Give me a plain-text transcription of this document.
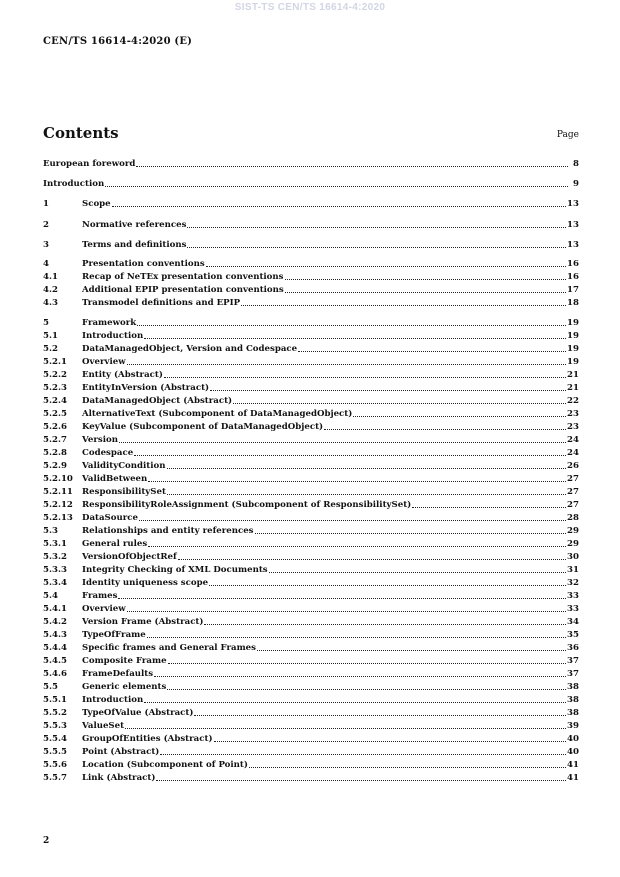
SIST-TS CEN/TS 16614-4:2020
CEN/TS 16614-4:2020 (E)
Contents	Page
European foreword	8
Introduction	9
1	Scope	13
2	Normative references	13
3	Terms and definitions	13
4	Presentation conventions	16
4.1	Recap of NeTEx presentation conventions	16
4.2	Additional EPIP presentation conventions	17
4.3	Transmodel definitions and EPIP	18
5	Framework	19
5.1	Introduction	19
5.2	DataManagedObject, Version and Codespace	19
5.2.1	Overview	19
5.2.2	Entity (Abstract)	21
5.2.3	EntityInVersion (Abstract)	21
5.2.4	DataManagedObject (Abstract)	22
5.2.5	AlternativeText (Subcomponent of DataManagedObject)	23
5.2.6	KeyValue (Subcomponent of DataManagedObject)	23
5.2.7	Version	24
5.2.8	Codespace	24
5.2.9	ValidityCondition	26
5.2.10	ValidBetween	27
5.2.11	ResponsibilitySet	27
5.2.12	ResponsibilityRoleAssignment (Subcomponent of ResponsibilitySet)	27
5.2.13	DataSource	28
5.3	Relationships and entity references	29
5.3.1	General rules	29
5.3.2	VersionOfObjectRef	30
5.3.3	Integrity Checking of XML Documents	31
5.3.4	Identity uniqueness scope	32
5.4	Frames	33
5.4.1	Overview	33
5.4.2	Version Frame (Abstract)	34
5.4.3	TypeOfFrame	35
5.4.4	Specific frames and General Frames	36
5.4.5	Composite Frame	37
5.4.6	FrameDefaults	37
5.5	Generic elements	38
5.5.1	Introduction	38
5.5.2	TypeOfValue (Abstract)	38
5.5.3	ValueSet	39
5.5.4	GroupOfEntities (Abstract)	40
5.5.5	Point (Abstract)	40
5.5.6	Location (Subcomponent of Point)	41
5.5.7	Link (Abstract)	41
2
